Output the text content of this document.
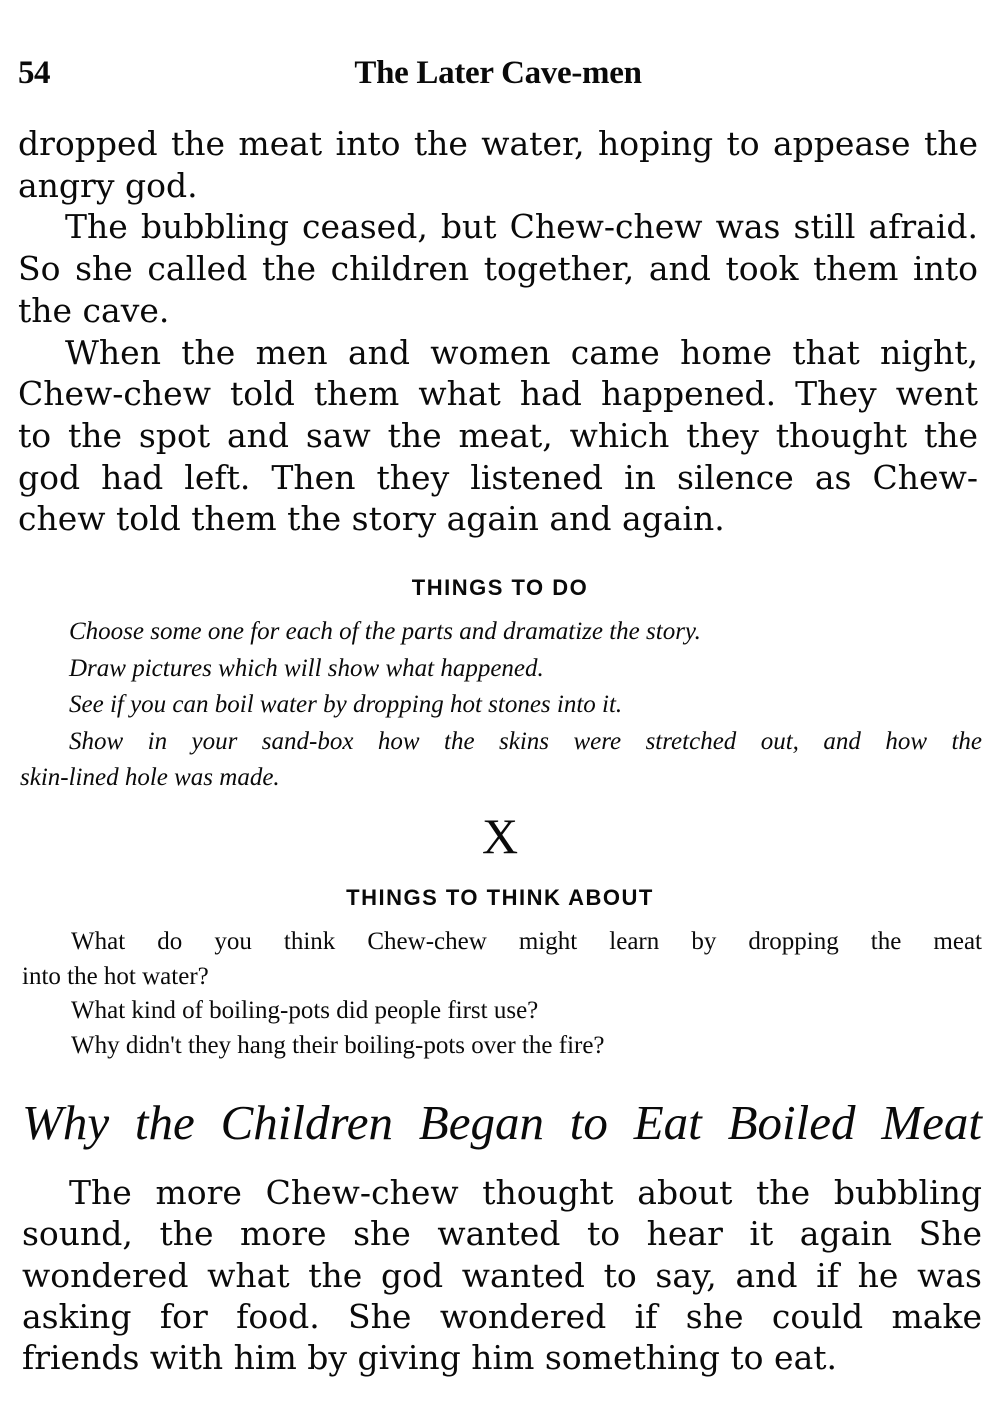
54	The Later Cave-men

dropped the meat into the water, hoping to appease the

angry god.

The bubbling ceased, but Chew-chew was still afraid.

So she called the children together, and took them into

the cave.

When the men and women came home that night,

Chew-chew told them what had happened. They went

to the spot and saw the meat, which they thought the

god had left. Then they listened in silence as Chew-

chew told them the story again and again.

THINGS TO DO

Choose some one for each of the parts and dramatize the story.

Draw pictures which will show what happened.

See if you can boil water by dropping hot stones into it.

Show in your sand-box how the skins were stretched out, and how the

skin-lined hole was made.

X
THINGS TO THINK ABOUT

What do you think Chew-chew might learn by dropping the meat

into the hot water?

What kind of boiling-pots did people first use?

Why didn't they hang their boiling-pots over the fire?

Why the Children Began to Eat Boiled Meat

The more Chew-chew thought about the bubbling

sound, the more she wanted to hear it again She

wondered what the god wanted to say, and if he was

asking for food. She wondered if she could make

friends with him by giving him something to eat.
